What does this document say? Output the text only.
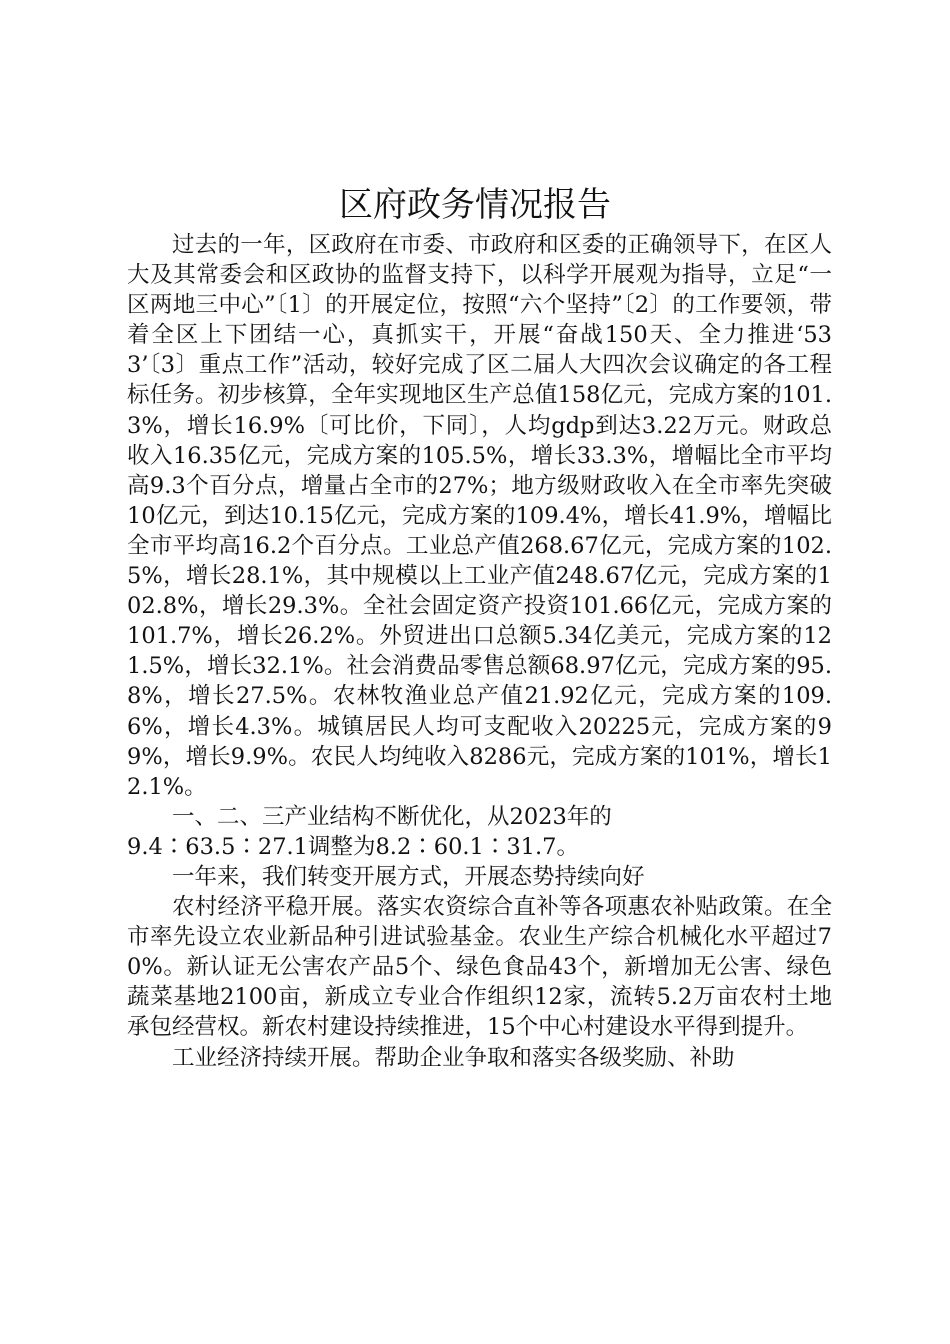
区府政务情况报告

过去的一年，区政府在市委、市政府和区委的正确领导下，在区人大及其常委会和区政协的监督支持下，以科学开展观为指导，立足“一区两地三中心”〔1〕的开展定位，按照“六个坚持”〔2〕的工作要领，带着全区上下团结一心，真抓实干，开展“奋战150天、全力推进‘533’〔3〕重点工作”活动，较好完成了区二届人大四次会议确定的各工程标任务。初步核算，全年实现地区生产总值158亿元，完成方案的101.3%，增长16.9%〔可比价，下同〕，人均gdp到达3.22万元。财政总收入16.35亿元，完成方案的105.5%，增长33.3%，增幅比全市平均高9.3个百分点，增量占全市的27%；地方级财政收入在全市率先突破10亿元，到达10.15亿元，完成方案的109.4%，增长41.9%，增幅比全市平均高16.2个百分点。工业总产值268.67亿元，完成方案的102.5%，增长28.1%，其中规模以上工业产值248.67亿元，完成方案的102.8%，增长29.3%。全社会固定资产投资101.66亿元，完成方案的101.7%，增长26.2%。外贸进出口总额5.34亿美元，完成方案的121.5%，增长32.1%。社会消费品零售总额68.97亿元，完成方案的95.8%，增长27.5%。农林牧渔业总产值21.92亿元，完成方案的109.6%，增长4.3%。城镇居民人均可支配收入20225元，完成方案的99%，增长9.9%。农民人均纯收入8286元，完成方案的101%，增长12.1%。

一、二、三产业结构不断优化，从2023年的

9.4∶63.5∶27.1调整为8.2∶60.1∶31.7。

一年来，我们转变开展方式，开展态势持续向好

农村经济平稳开展。落实农资综合直补等各项惠农补贴政策。在全市率先设立农业新品种引进试验基金。农业生产综合机械化水平超过70%。新认证无公害农产品5个、绿色食品43个，新增加无公害、绿色蔬菜基地2100亩，新成立专业合作组织12家，流转5.2万亩农村土地承包经营权。新农村建设持续推进，15个中心村建设水平得到提升。

工业经济持续开展。帮助企业争取和落实各级奖励、补助
